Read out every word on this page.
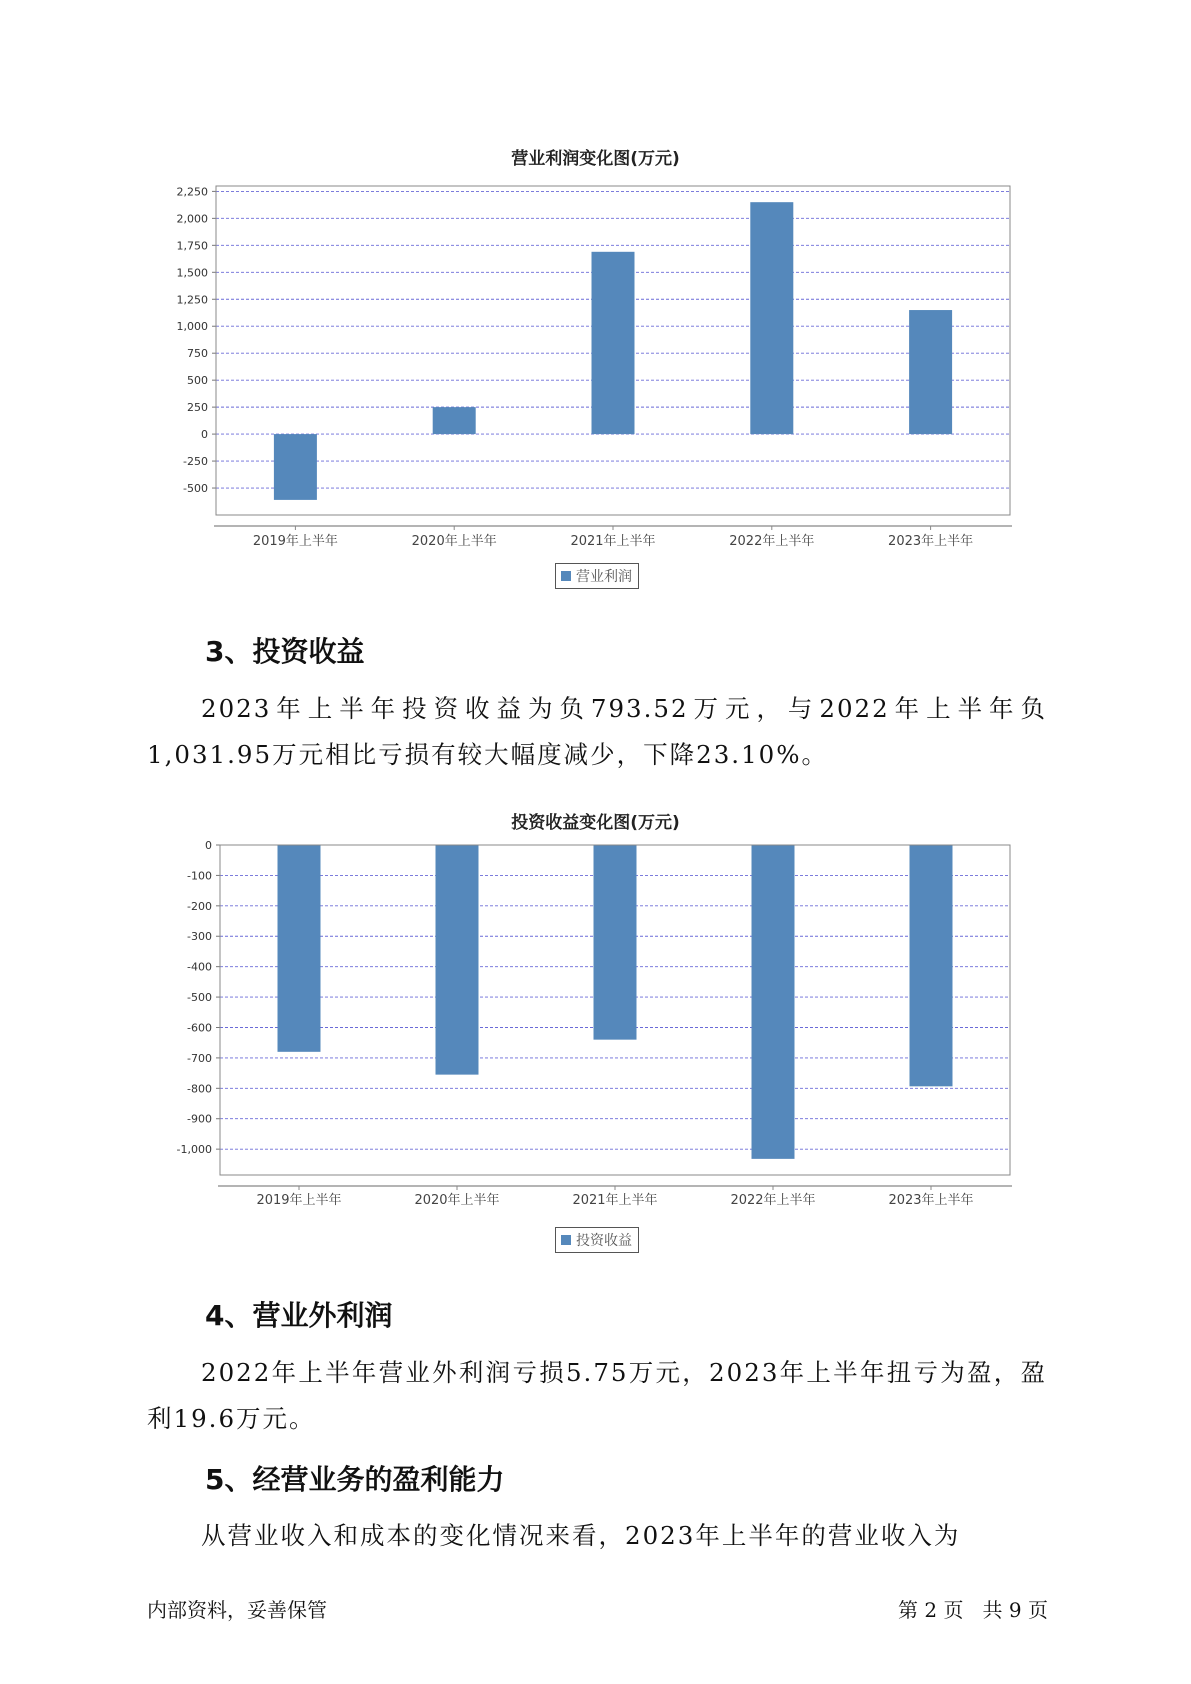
营业利润变化图(万元)
2,250
2,000
1,750
1,500
1,250
1,000
750
500
250
0
-250
-500
2019年上半年	2020年上半年	2021年上半年	2022年上半年	2023年上半年
营业利润
3、投资收益
2023年上半年投资收益为负793.52万元，与2022年上半年负1,031.95万元相比亏损有较大幅度减少，下降23.10%。
投资收益变化图(万元)
0
-100
-200
-300
-400
-500
-600
-700
-800
-900
-1,000
2019年上半年	2020年上半年	2021年上半年	2022年上半年	2023年上半年
投资收益
4、营业外利润
2022年上半年营业外利润亏损5.75万元，2023年上半年扭亏为盈，盈利19.6万元。
5、经营业务的盈利能力
从营业收入和成本的变化情况来看，2023年上半年的营业收入为
内部资料，妥善保管	第 2 页   共 9 页
